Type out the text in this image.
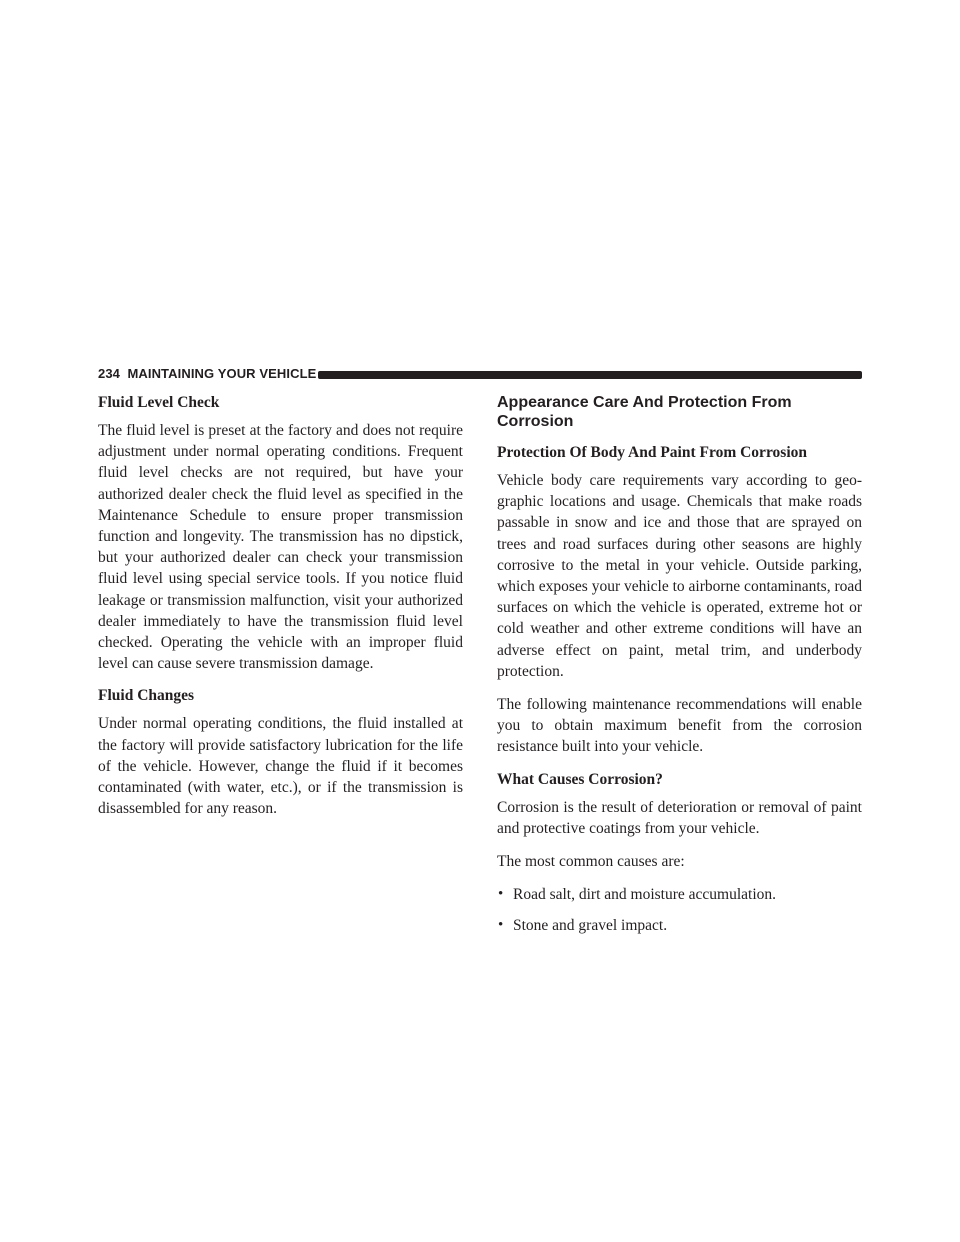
234 MAINTAINING YOUR VEHICLE
Fluid Level Check

The fluid level is preset at the factory and does not require adjustment under normal operating conditions. Frequent fluid level checks are not required, but have your authorized dealer check the fluid level as specified in the Maintenance Schedule to ensure proper transmission function and longevity. The transmission has no dipstick, but your authorized dealer can check your transmission fluid level using special service tools. If you notice fluid leakage or transmission malfunction, visit your authorized dealer immediately to have the transmission fluid level checked. Operating the vehicle with an improper fluid level can cause severe transmission damage.

Fluid Changes

Under normal operating conditions, the fluid installed at the factory will provide satisfactory lubrication for the life of the vehicle. However, change the fluid if it becomes contaminated (with water, etc.), or if the transmission is disassembled for any reason.

Appearance Care And Protection From Corrosion
Protection Of Body And Paint From Corrosion

Vehicle body care requirements vary according to geographic locations and usage. Chemicals that make roads passable in snow and ice and those that are sprayed on trees and road surfaces during other seasons are highly corrosive to the metal in your vehicle. Outside parking, which exposes your vehicle to airborne contaminants, road surfaces on which the vehicle is operated, extreme hot or cold weather and other extreme conditions will have an adverse effect on paint, metal trim, and underbody protection.

The following maintenance recommendations will enable you to obtain maximum benefit from the corrosion resistance built into your vehicle.

What Causes Corrosion?

Corrosion is the result of deterioration or removal of paint and protective coatings from your vehicle.

The most common causes are:

• Road salt, dirt and moisture accumulation.
• Stone and gravel impact.
